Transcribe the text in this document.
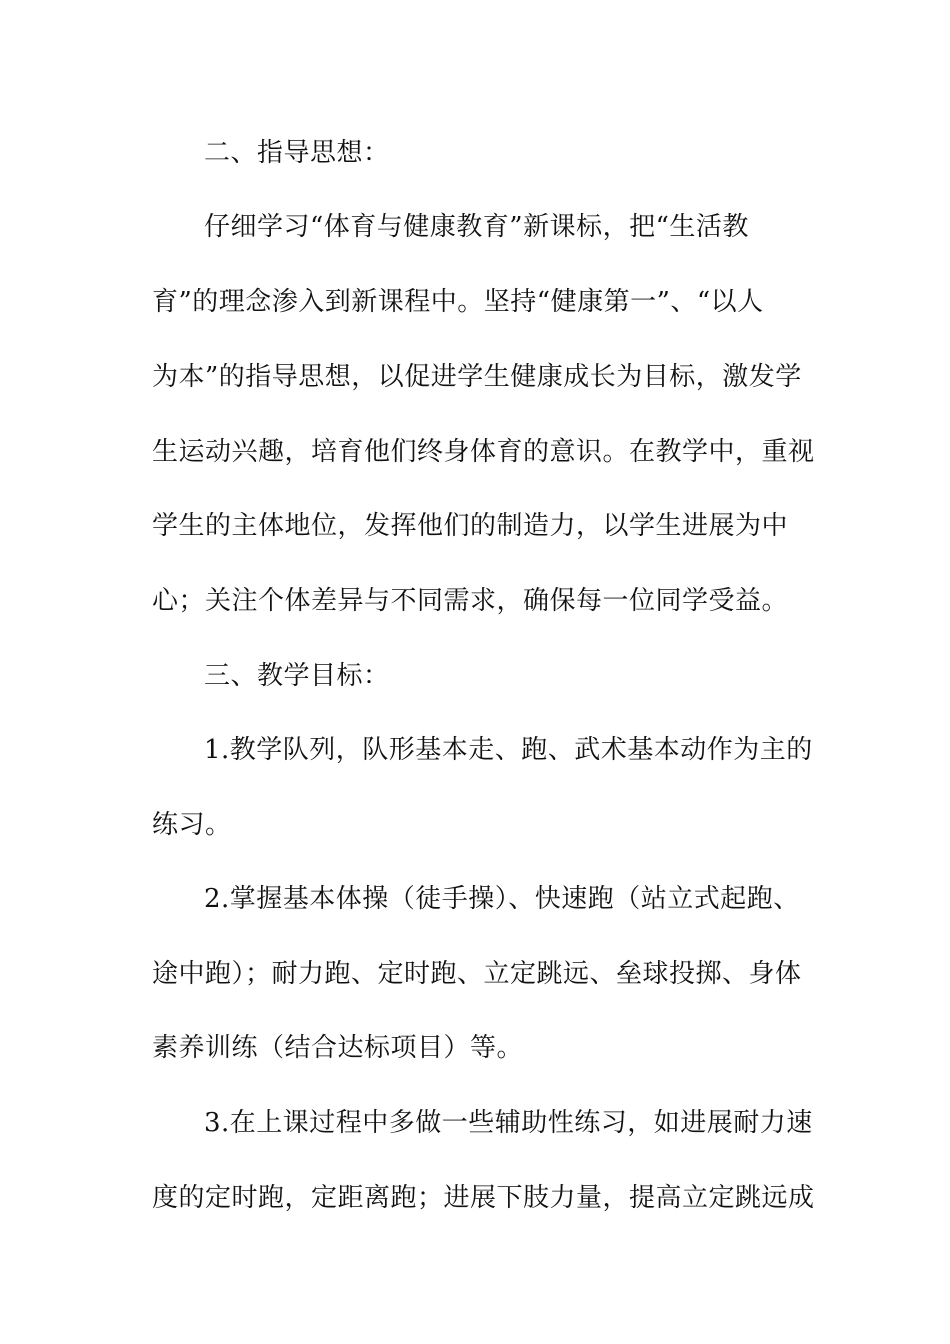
二、指导思想：
仔细学习“体育与健康教育”新课标，把“生活教
育”的理念渗入到新课程中。坚持“健康第一”、“以人
为本”的指导思想，以促进学生健康成长为目标，激发学
生运动兴趣，培育他们终身体育的意识。在教学中，重视
学生的主体地位，发挥他们的制造力，以学生进展为中
心；关注个体差异与不同需求，确保每一位同学受益。
三、教学目标：
1.教学队列，队形基本走、跑、武术基本动作为主的
练习。
2.掌握基本体操（徒手操）、快速跑（站立式起跑、
途中跑）；耐力跑、定时跑、立定跳远、垒球投掷、身体
素养训练（结合达标项目）等。
3.在上课过程中多做一些辅助性练习，如进展耐力速
度的定时跑，定距离跑；进展下肢力量，提高立定跳远成
